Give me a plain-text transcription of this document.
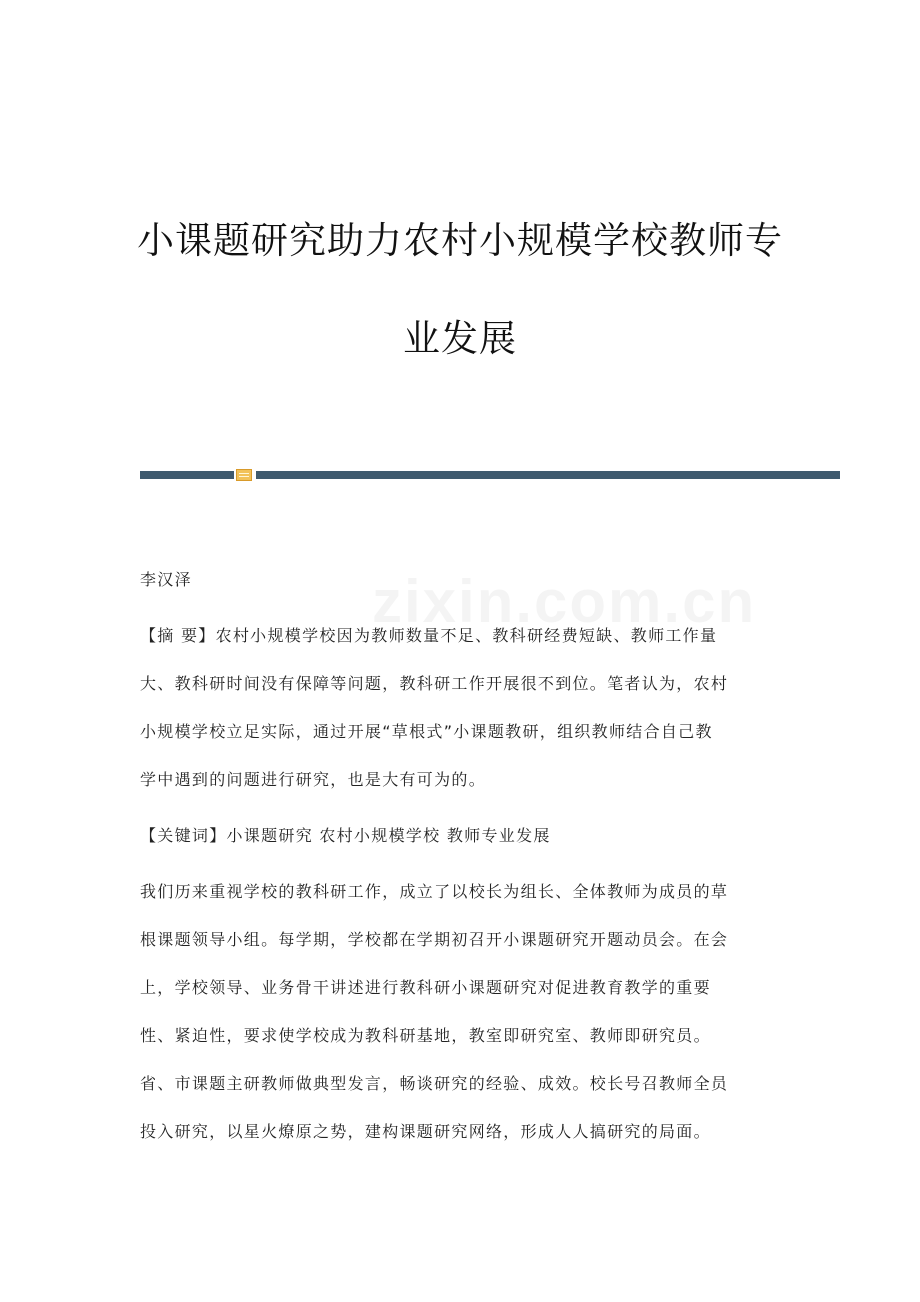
小课题研究助力农村小规模学校教师专
业发展
李汉泽
【摘 要】农村小规模学校因为教师数量不足、教科研经费短缺、教师工作量
大、教科研时间没有保障等问题，教科研工作开展很不到位。笔者认为，农村
小规模学校立足实际，通过开展“草根式”小课题教研，组织教师结合自己教
学中遇到的问题进行研究，也是大有可为的。
【关键词】小课题研究 农村小规模学校 教师专业发展
我们历来重视学校的教科研工作，成立了以校长为组长、全体教师为成员的草
根课题领导小组。每学期，学校都在学期初召开小课题研究开题动员会。在会
上，学校领导、业务骨干讲述进行教科研小课题研究对促进教育教学的重要
性、紧迫性，要求使学校成为教科研基地，教室即研究室、教师即研究员。
省、市课题主研教师做典型发言，畅谈研究的经验、成效。校长号召教师全员
投入研究，以星火燎原之势，建构课题研究网络，形成人人搞研究的局面。
